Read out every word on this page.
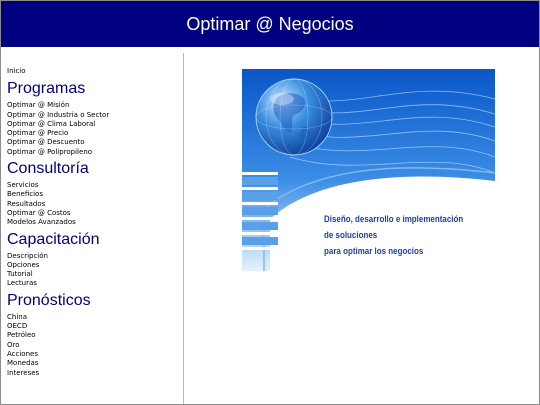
Optimar @ Negocios
Inicio
Programas
Optimar @ Misión
Optimar @ Industria o Sector
Optimar @ Clima Laboral
Optimar @ Precio
Optimar @ Descuento
Optimar @ Polipropileno
Consultoría
Servicios
Beneficios
Resultados
Optimar @ Costos
Modelos Avanzados
Capacitación
Descripción
Opciones
Tutorial
Lecturas
Pronósticos
China
OECD
Petróleo
Oro
Acciones
Monedas
Intereses
Diseño, desarrollo e implementación
de soluciones
para optimar los negocios
